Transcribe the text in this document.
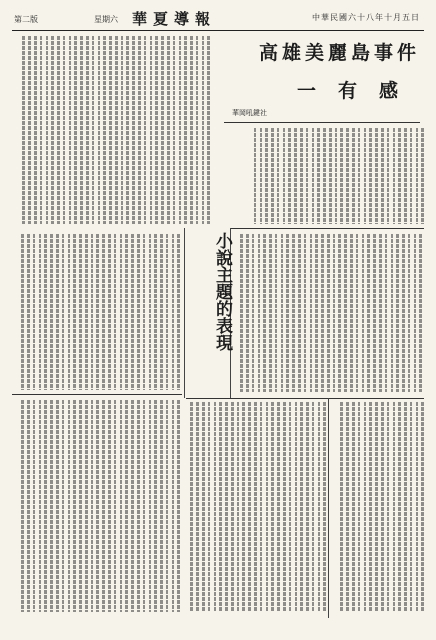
第二版	星期六 華夏導報	中華民國六十八年十月五日
高雄美麗島事件
一有感
華岡吼鍵社
小說主題的表現
